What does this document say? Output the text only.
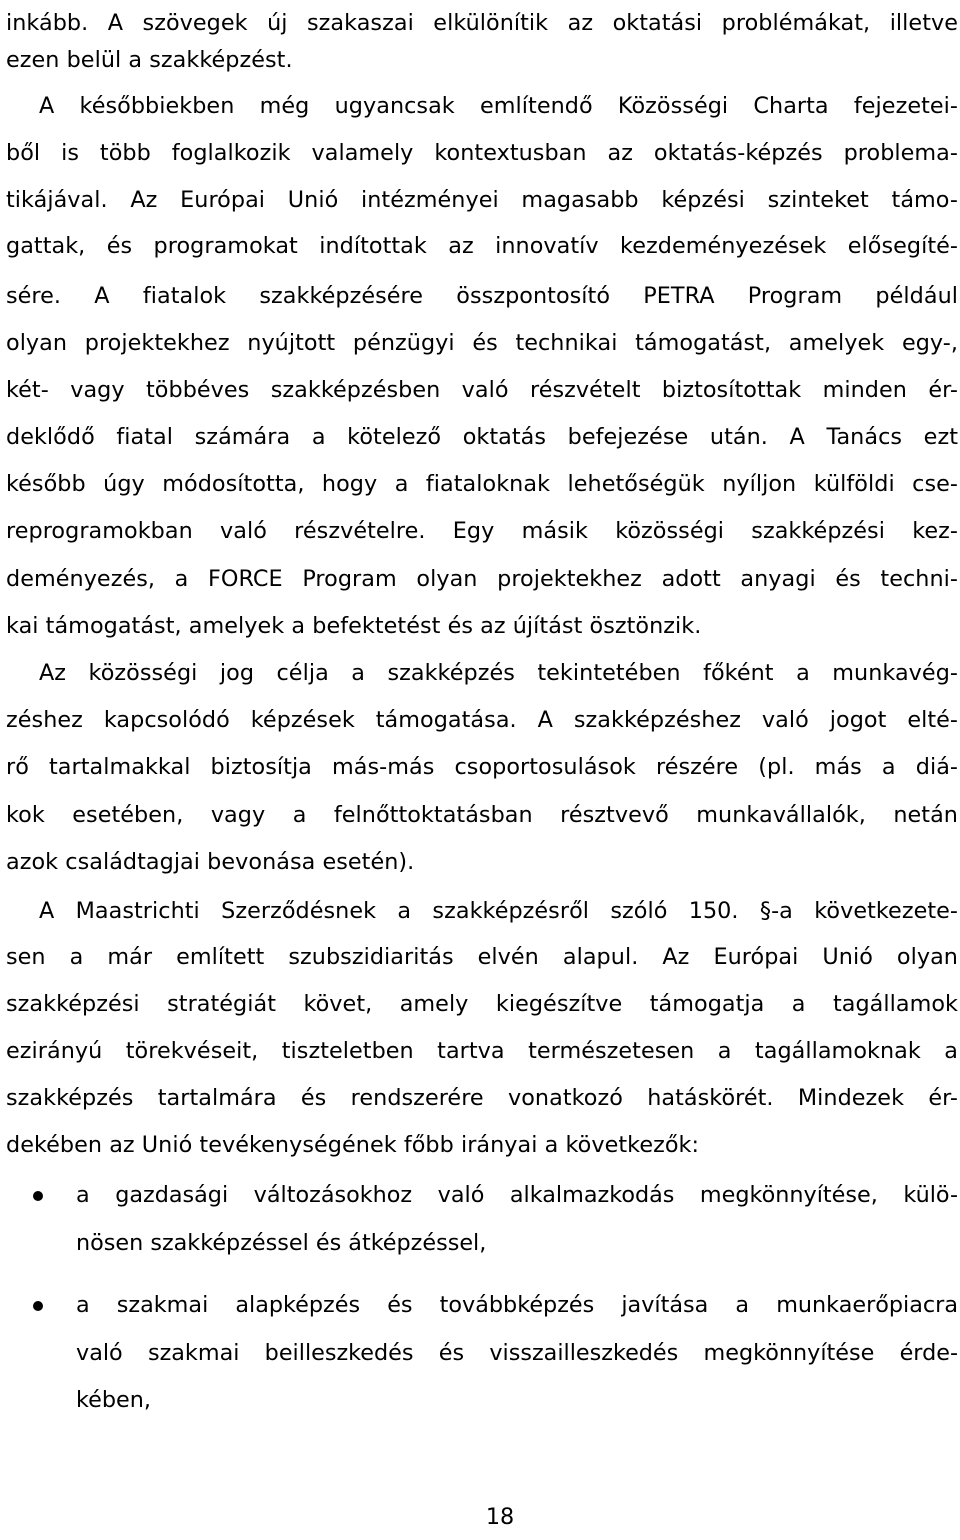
inkább. A szövegek új szakaszai elkülönítik az oktatási problémákat, illetve
ezen belül a szakképzést.
A későbbiekben még ugyancsak említendő Közösségi Charta fejezetei-
ből is több foglalkozik valamely kontextusban az oktatás-képzés problema-
tikájával. Az Európai Unió intézményei magasabb képzési szinteket támo-
gattak, és programokat indítottak az innovatív kezdeményezések elősegíté-
sére. A fiatalok szakképzésére összpontosító PETRA Program például
olyan projektekhez nyújtott pénzügyi és technikai támogatást, amelyek egy-,
két- vagy többéves szakképzésben való részvételt biztosítottak minden ér-
deklődő fiatal számára a kötelező oktatás befejezése után. A Tanács ezt
később úgy módosította, hogy a fiataloknak lehetőségük nyíljon külföldi cse-
reprogramokban való részvételre. Egy másik közösségi szakképzési kez-
deményezés, a FORCE Program olyan projektekhez adott anyagi és techni-
kai támogatást, amelyek a befektetést és az újítást ösztönzik.
Az közösségi jog célja a szakképzés tekintetében főként a munkavég-
zéshez kapcsolódó képzések támogatása. A szakképzéshez való jogot elté-
rő tartalmakkal biztosítja más-más csoportosulások részére (pl. más a diá-
kok esetében, vagy a felnőttoktatásban résztvevő munkavállalók, netán
azok családtagjai bevonása esetén).
A Maastrichti Szerződésnek a szakképzésről szóló 150. §-a következete-
sen a már említett szubszidiaritás elvén alapul. Az Európai Unió olyan
szakképzési stratégiát követ, amely kiegészítve támogatja a tagállamok
ezirányú törekvéseit, tiszteletben tartva természetesen a tagállamoknak a
szakképzés tartalmára és rendszerére vonatkozó hatáskörét. Mindezek ér-
dekében az Unió tevékenységének főbb irányai a következők:
a gazdasági változásokhoz való alkalmazkodás megkönnyítése, külö-
nösen szakképzéssel és átképzéssel,
a szakmai alapképzés és továbbképzés javítása a munkaerőpiacra
való szakmai beilleszkedés és visszailleszkedés megkönnyítése érde-
kében,
18
